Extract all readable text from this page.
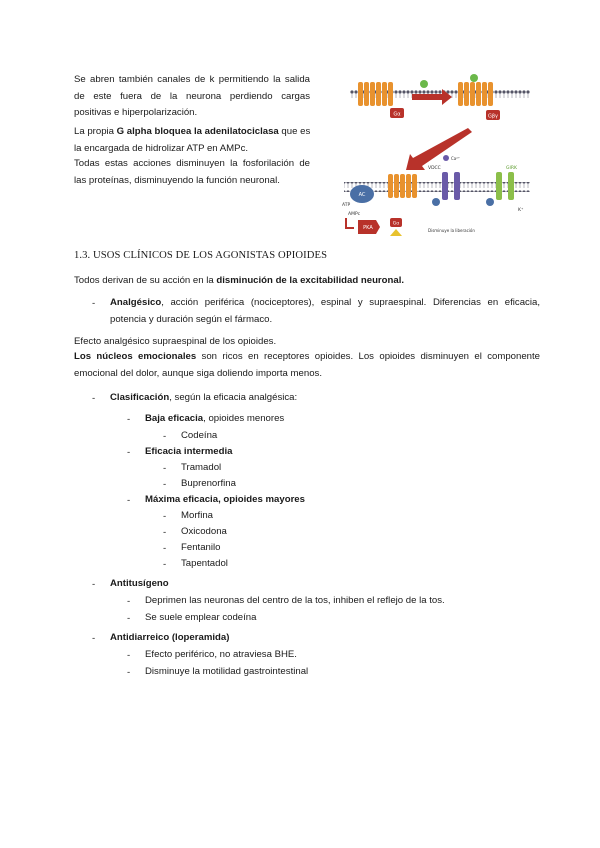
Se abren también canales de k permitiendo la salida
de este fuera de la neurona perdiendo cargas
positivas e hiperpolarización.
La propia G alpha bloquea la adenilatociclasa que es
la encargada de hidrolizar ATP en AMPc.
Todas estas acciones disminuyen la fosforilación de
las proteínas, disminuyendo la función neuronal.
Gα	Gβγ
AC
VDCC
Ca²⁺
GIRK
K⁺
ATP
AMPc
PKA
Gα
Disminuye la liberación
1.3. USOS CLÍNICOS DE LOS AGONISTAS OPIOIDES
Todos derivan de su acción en la disminución de la excitabilidad neuronal.
- Analgésico, acción periférica (nociceptores), espinal y supraespinal. Diferencias en eficacia,
potencia y duración según el fármaco.
Efecto analgésico supraespinal de los opioides.
Los núcleos emocionales son ricos en receptores opioides. Los opioides disminuyen el componente
emocional del dolor, aunque siga doliendo importa menos.
- Clasificación, según la eficacia analgésica:
- Baja eficacia, opioides menores
- Codeína
- Eficacia intermedia
- Tramadol
- Buprenorfina
- Máxima eficacia, opioides mayores
- Morfina
- Oxicodona
- Fentanilo
- Tapentadol
- Antitusígeno
- Deprimen las neuronas del centro de la tos, inhiben el reflejo de la tos.
- Se suele emplear codeína
- Antidiarreico (loperamida)
- Efecto periférico, no atraviesa BHE.
- Disminuye la motilidad gastrointestinal
